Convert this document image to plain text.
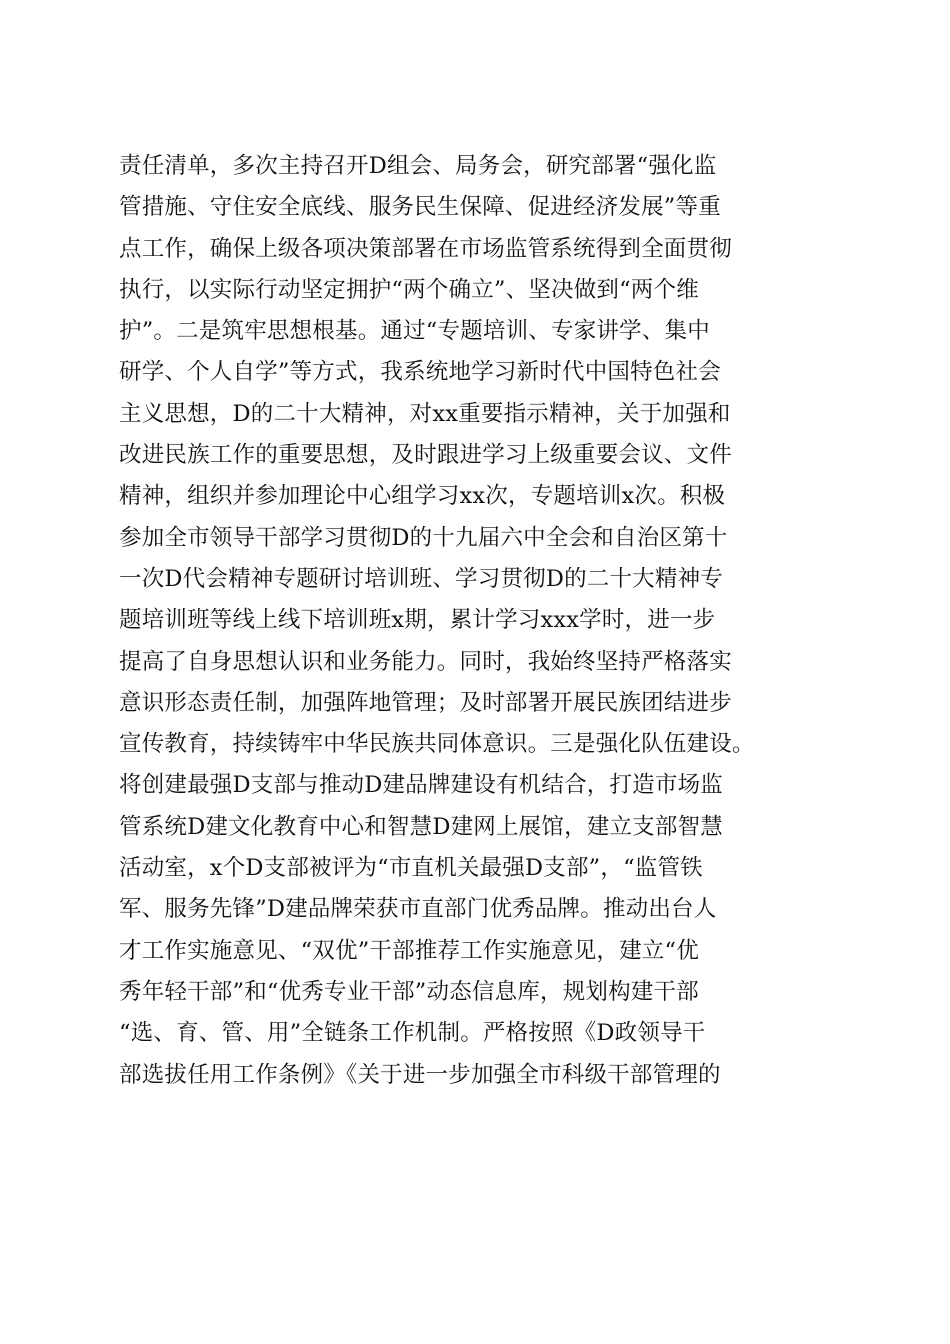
责任清单，多次主持召开D组会、局务会，研究部署“强化监
管措施、守住安全底线、服务民生保障、促进经济发展”等重
点工作，确保上级各项决策部署在市场监管系统得到全面贯彻
执行，以实际行动坚定拥护“两个确立”、坚决做到“两个维
护”。二是筑牢思想根基。通过“专题培训、专家讲学、集中
研学、个人自学”等方式，我系统地学习新时代中国特色社会
主义思想，D的二十大精神，对xx重要指示精神，关于加强和
改进民族工作的重要思想，及时跟进学习上级重要会议、文件
精神，组织并参加理论中心组学习xx次，专题培训x次。积极
参加全市领导干部学习贯彻D的十九届六中全会和自治区第十
一次D代会精神专题研讨培训班、学习贯彻D的二十大精神专
题培训班等线上线下培训班x期，累计学习xxx学时，进一步
提高了自身思想认识和业务能力。同时，我始终坚持严格落实
意识形态责任制，加强阵地管理；及时部署开展民族团结进步
宣传教育，持续铸牢中华民族共同体意识。三是强化队伍建设。
将创建最强D支部与推动D建品牌建设有机结合，打造市场监
管系统D建文化教育中心和智慧D建网上展馆，建立支部智慧
活动室，x个D支部被评为“市直机关最强D支部”，“监管铁
军、服务先锋”D建品牌荣获市直部门优秀品牌。推动出台人
才工作实施意见、“双优”干部推荐工作实施意见，建立“优
秀年轻干部”和“优秀专业干部”动态信息库，规划构建干部
“选、育、管、用”全链条工作机制。严格按照《D政领导干
部选拔任用工作条例》《关于进一步加强全市科级干部管理的
